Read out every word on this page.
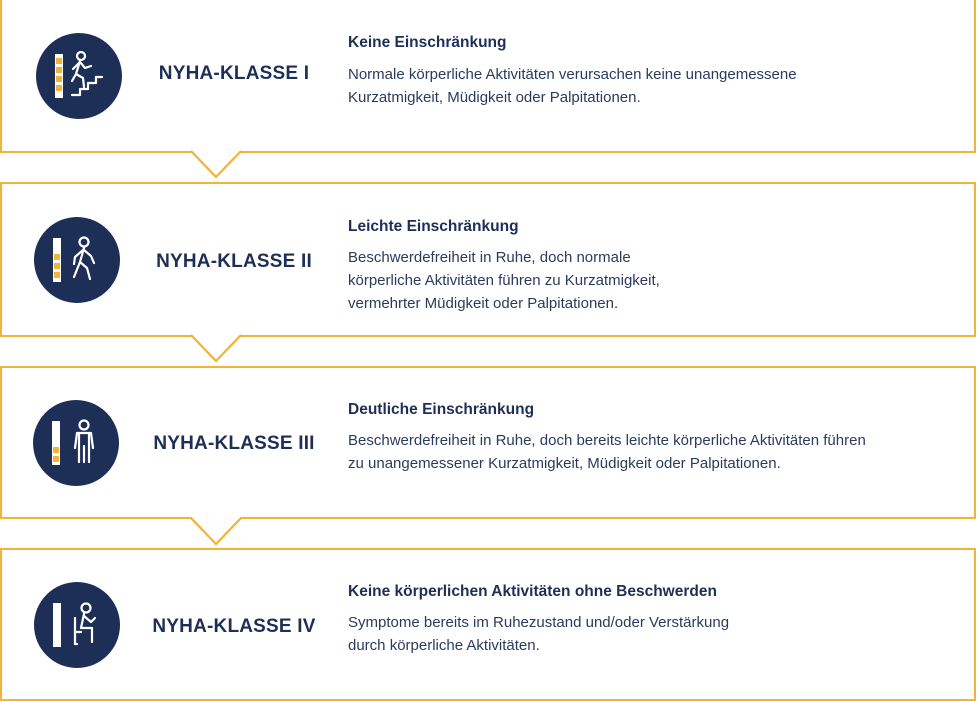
NYHA-KLASSE I
Keine Einschränkung
Normale körperliche Aktivitäten verursachen keine unangemessene
Kurzatmigkeit, Müdigkeit oder Palpitationen.
NYHA-KLASSE II
Leichte Einschränkung
Beschwerdefreiheit in Ruhe, doch normale
körperliche Aktivitäten führen zu Kurzatmigkeit,
vermehrter Müdigkeit oder Palpitationen.
NYHA-KLASSE III
Deutliche Einschränkung
Beschwerdefreiheit in Ruhe, doch bereits leichte körperliche Aktivitäten führen
zu unangemessener Kurzatmigkeit, Müdigkeit oder Palpitationen.
NYHA-KLASSE IV
Keine körperlichen Aktivitäten ohne Beschwerden
Symptome bereits im Ruhezustand und/oder Verstärkung
durch körperliche Aktivitäten.
